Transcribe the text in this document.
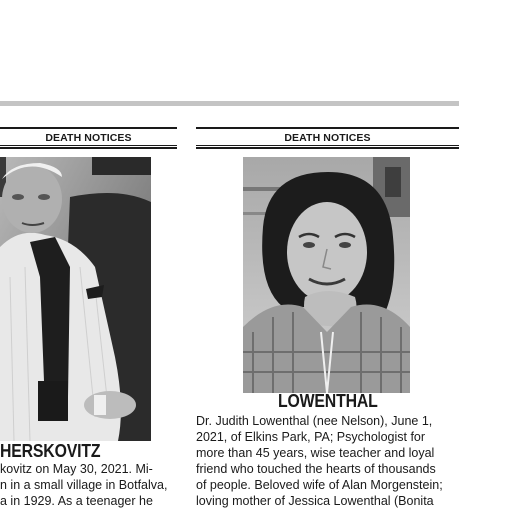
DEATH NOTICES
HERSKOVITZ
kovitz on May 30, 2021. Mi-
n in a small village in Botfalva,
a in 1929. As a teenager he
DEATH NOTICES
LOWENTHAL
Dr. Judith Lowenthal (nee Nelson), June 1,
2021, of Elkins Park, PA; Psychologist for
more than 45 years, wise teacher and loyal
friend who touched the hearts of thousands
of people. Beloved wife of Alan Morgenstein;
loving mother of Jessica Lowenthal (Bonita
